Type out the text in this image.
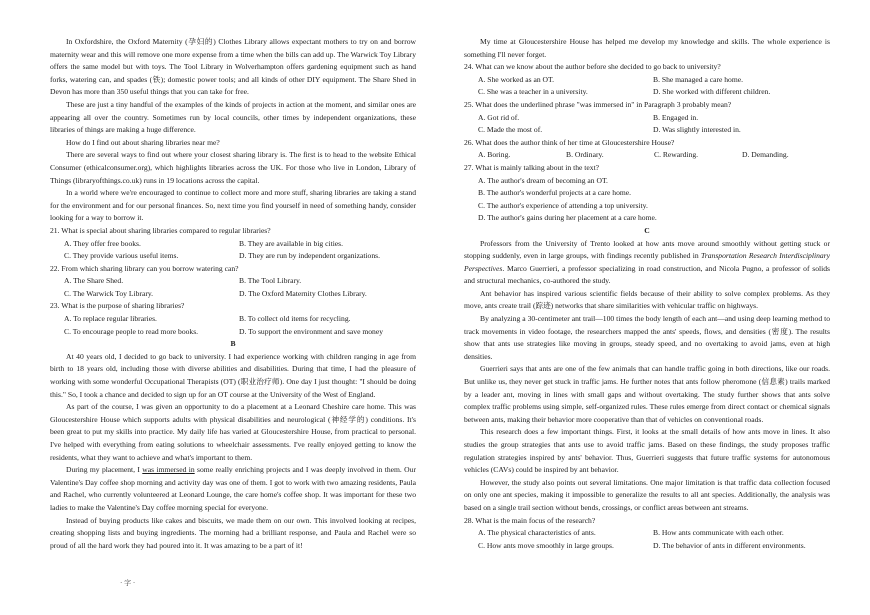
In Oxfordshire, the Oxford Maternity (孕妇的) Clothes Library allows expectant mothers to try on and borrow maternity wear and this will remove one more expense from a time when the bills can add up. The Warwick Toy Library offers the same model but with toys. The Tool Library in Wolverhampton offers gardening equipment such as hand forks, watering can, and spades (铁); domestic power tools; and all kinds of other DIY equipment. The Share Shed in Devon has more than 350 useful things that you can take for free.

These are just a tiny handful of the examples of the kinds of projects in action at the moment, and similar ones are appearing all over the country. Sometimes run by local councils, other times by independent organizations, these libraries of things are making a huge difference.

How do I find out about sharing libraries near me?

There are several ways to find out where your closest sharing library is. The first is to head to the website Ethical Consumer (ethicalconsumer.org), which highlights libraries across the UK. For those who live in London, Library of Things (libraryofthings.co.uk) runs in 19 locations across the capital.

In a world where we're encouraged to continue to collect more and more stuff, sharing libraries are taking a stand for the environment and for our personal finances. So, next time you find yourself in need of something handy, consider looking for a way to borrow it.

21. What is special about sharing libraries compared to regular libraries?

A. They offer free books.	B. They are available in big cities.
C. They provide various useful items.	D. They are run by independent organizations.

22. From which sharing library can you borrow watering can?

A. The Share Shed.	B. The Tool Library.
C. The Warwick Toy Library.	D. The Oxford Maternity Clothes Library.

23. What is the purpose of sharing libraries?

A. To replace regular libraries.	B. To collect old items for recycling.
C. To encourage people to read more books.	D. To support the environment and save money

B

At 40 years old, I decided to go back to university. I had experience working with children ranging in age from birth to 18 years old, including those with diverse abilities and disabilities. During that time, I had the pleasure of working with some wonderful Occupational Therapists (OT) (职业治疗师). One day I just thought: "I should be doing this." So, I took a chance and decided to sign up for an OT course at the University of the West of England.

As part of the course, I was given an opportunity to do a placement at a Leonard Cheshire care home. This was Gloucestershire House which supports adults with physical disabilities and neurological (神经学的) conditions. It's been great to put my skills into practice. My daily life has varied at Gloucestershire House, from practical to personal. I've helped with everything from eating solutions to wheelchair assessments. I've really enjoyed getting to know the residents, what they want to achieve and what's important to them.

During my placement, I was immersed in some really enriching projects and I was deeply involved in them. Our Valentine's Day coffee shop morning and activity day was one of them. I got to work with two amazing residents, Paula and Rachel, who currently volunteered at Leonard Lounge, the care home's coffee shop. It was important for these two ladies to make the Valentine's Day coffee morning special for everyone.

Instead of buying products like cakes and biscuits, we made them on our own. This involved looking at recipes, creating shopping lists and buying ingredients. The morning had a brilliant response, and Paula and Rachel were so proud of all the hard work they had poured into it. It was amazing to be a part of it!

My time at Gloucestershire House has helped me develop my knowledge and skills. The whole experience is something I'll never forget.

24. What can we know about the author before she decided to go back to university?

A. She worked as an OT.	B. She managed a care home.
C. She was a teacher in a university.	D. She worked with different children.

25. What does the underlined phrase "was immersed in" in Paragraph 3 probably mean?

A. Got rid of.	B. Engaged in.
C. Made the most of.	D. Was slightly interested in.

26. What does the author think of her time at Gloucestershire House?

A. Boring.	B. Ordinary.	C. Rewarding.	D. Demanding.

27. What is mainly talking about in the text?

A. The author's dream of becoming an OT.

B. The author's wonderful projects at a care home.

C. The author's experience of attending a top university.

D. The author's gains during her placement at a care home.

C

Professors from the University of Trento looked at how ants move around smoothly without getting stuck or stopping suddenly, even in large groups, with findings recently published in Transportation Research Interdisciplinary Perspectives. Marco Guerrieri, a professor specializing in road construction, and Nicola Pugno, a professor of solids and structural mechanics, co-authored the study.

Ant behavior has inspired various scientific fields because of their ability to solve complex problems. As they move, ants create trail (踪迹) networks that share similarities with vehicular traffic on highways.

By analyzing a 30-centimeter ant trail—100 times the body length of each ant—and using deep learning method to track movements in video footage, the researchers mapped the ants' speeds, flows, and densities (密度). The results show that ants use strategies like moving in groups, steady speed, and no overtaking to avoid jams, even at high densities.

Guerrieri says that ants are one of the few animals that can handle traffic going in both directions, like our roads. But unlike us, they never get stuck in traffic jams. He further notes that ants follow pheromone (信息素) trails marked by a leader ant, moving in lines with small gaps and without overtaking. The study further shows that ants solve complex traffic problems using simple, self-organized rules. These rules emerge from direct contact or chemical signals between ants, making their behavior more cooperative than that of vehicles on conventional roads.

This research does a few important things. First, it looks at the small details of how ants move in lines. It also studies the group strategies that ants use to avoid traffic jams. Based on these findings, the study proposes traffic regulation strategies inspired by ants' behavior. Thus, Guerrieri suggests that future traffic systems for autonomous vehicles (CAVs) could be inspired by ant behavior.

However, the study also points out several limitations. One major limitation is that traffic data collection focused on only one ant species, making it impossible to generalize the results to all ant species. Additionally, the analysis was based on a single trail section without bends, crossings, or conflict areas between ant streams.

28. What is the main focus of the research?

A. The physical characteristics of ants.	B. How ants communicate with each other.
C. How ants move smoothly in large groups.	D. The behavior of ants in different environments.
· 字 ·
